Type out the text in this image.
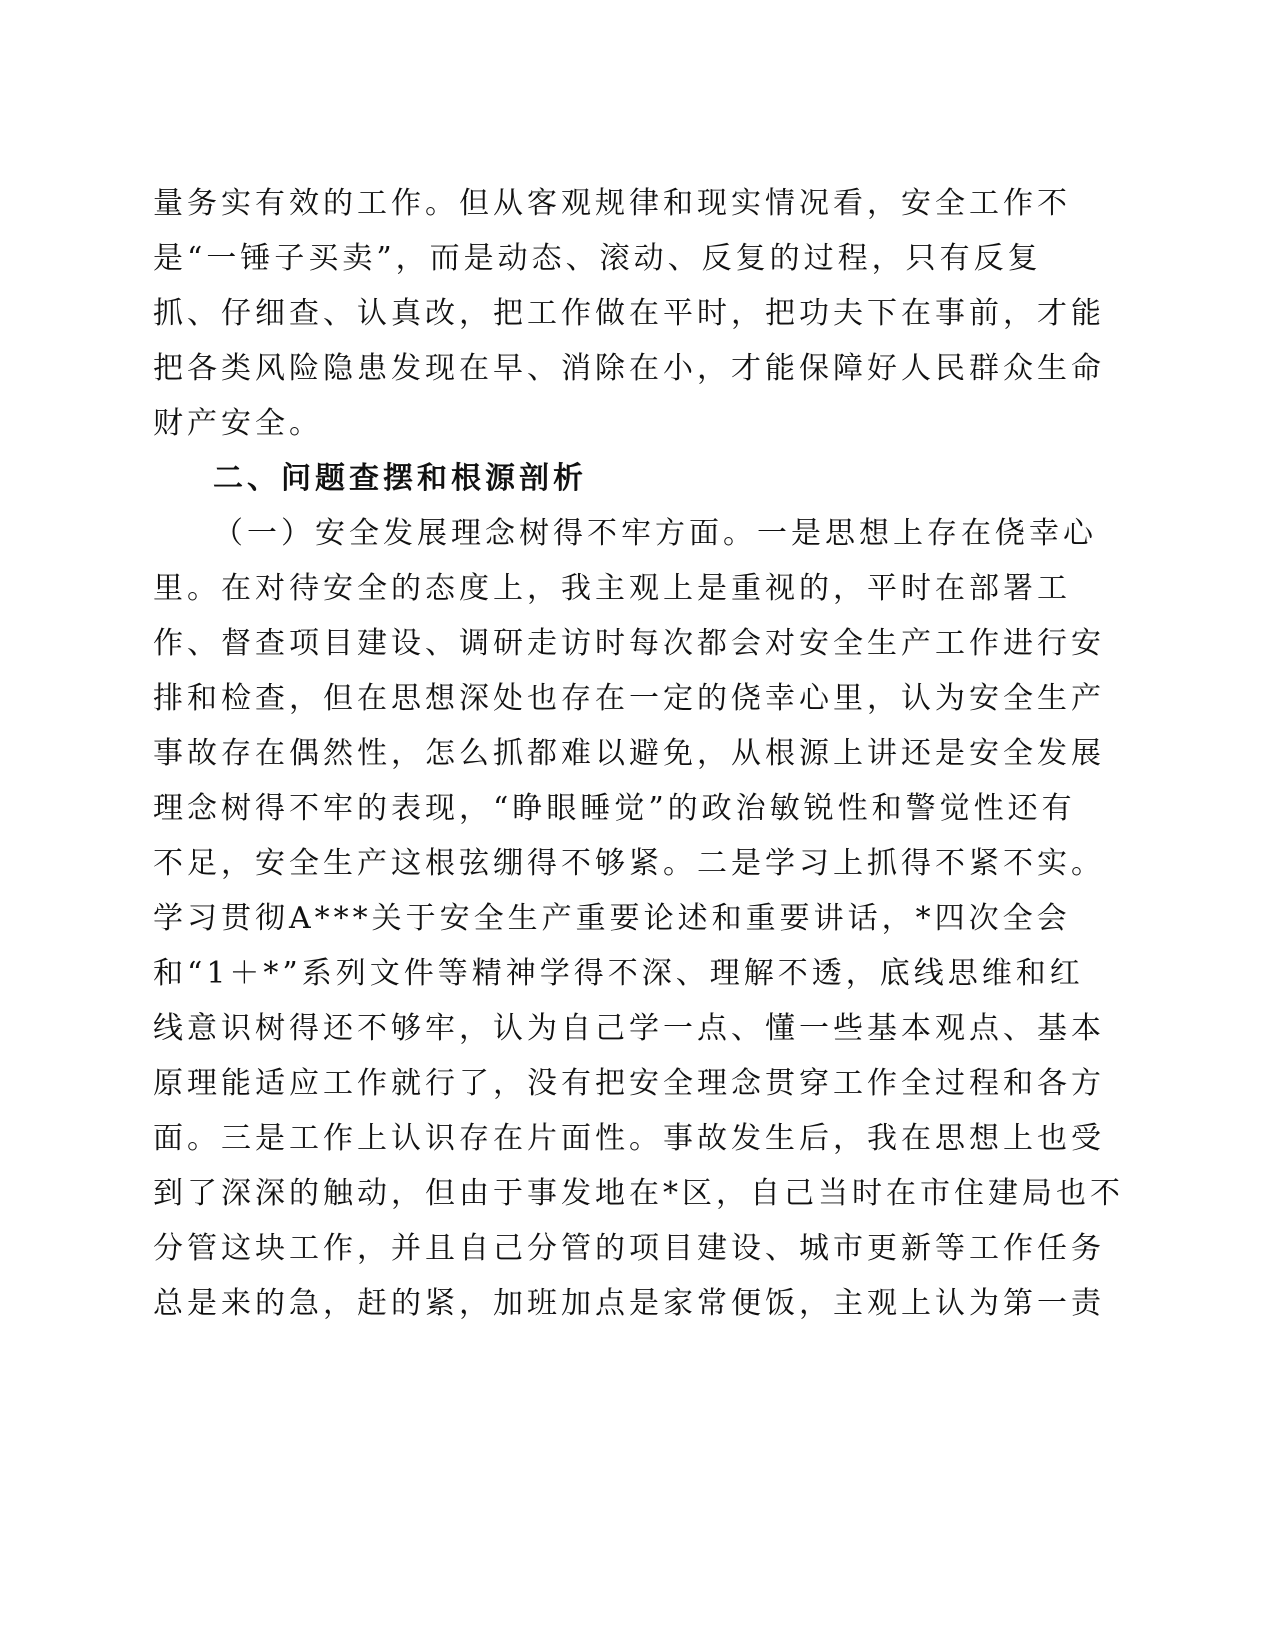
量务实有效的工作。但从客观规律和现实情况看，安全工作不
是“一锤子买卖”，而是动态、滚动、反复的过程，只有反复
抓、仔细查、认真改，把工作做在平时，把功夫下在事前，才能
把各类风险隐患发现在早、消除在小，才能保障好人民群众生命
财产安全。
二、问题查摆和根源剖析
（一）安全发展理念树得不牢方面。一是思想上存在侥幸心
里。在对待安全的态度上，我主观上是重视的，平时在部署工
作、督查项目建设、调研走访时每次都会对安全生产工作进行安
排和检查，但在思想深处也存在一定的侥幸心里，认为安全生产
事故存在偶然性，怎么抓都难以避免，从根源上讲还是安全发展
理念树得不牢的表现，“睁眼睡觉”的政治敏锐性和警觉性还有
不足，安全生产这根弦绷得不够紧。二是学习上抓得不紧不实。
学习贯彻A***关于安全生产重要论述和重要讲话，*四次全会
和“1＋*”系列文件等精神学得不深、理解不透，底线思维和红
线意识树得还不够牢，认为自己学一点、懂一些基本观点、基本
原理能适应工作就行了，没有把安全理念贯穿工作全过程和各方
面。三是工作上认识存在片面性。事故发生后，我在思想上也受
到了深深的触动，但由于事发地在*区，自己当时在市住建局也不
分管这块工作，并且自己分管的项目建设、城市更新等工作任务
总是来的急，赶的紧，加班加点是家常便饭，主观上认为第一责
